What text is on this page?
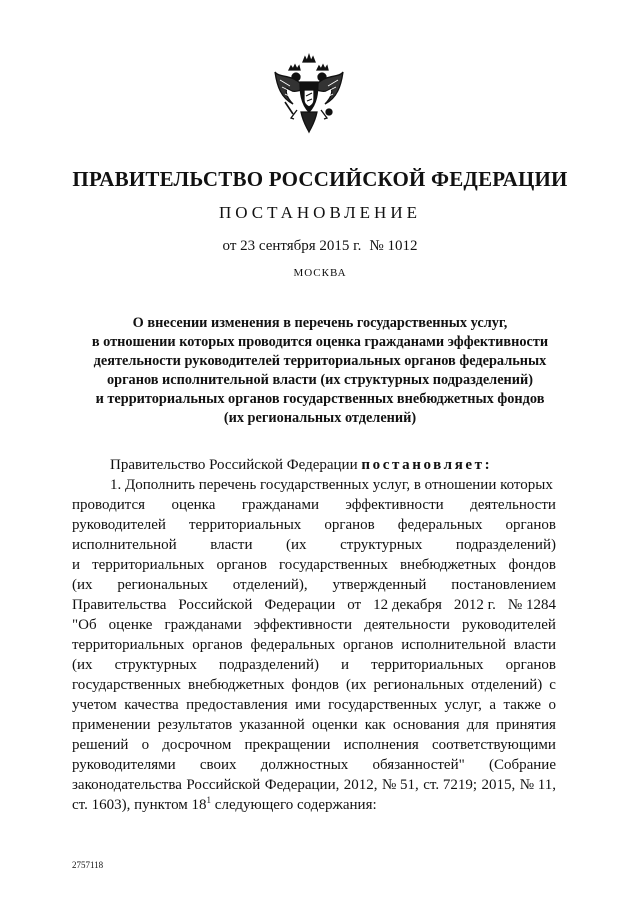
ПРАВИТЕЛЬСТВО РОССИЙСКОЙ ФЕДЕРАЦИИ
ПОСТАНОВЛЕНИЕ
от 23 сентября 2015 г. № 1012
МОСКВА
О внесении изменения в перечень государственных услуг,
в отношении которых проводится оценка гражданами эффективности
деятельности руководителей территориальных органов федеральных
органов исполнительной власти (их структурных подразделений)
и территориальных органов государственных внебюджетных фондов
(их региональных отделений)
Правительство Российской Федерации постановляет:
1. Дополнить перечень государственных услуг, в отношении которых
проводится оценка гражданами эффективности деятельности
руководителей территориальных органов федеральных органов
исполнительной власти (их структурных подразделений)
и территориальных органов государственных внебюджетных фондов
(их региональных отделений), утвержденный постановлением
Правительства Российской Федерации от 12 декабря 2012 г. № 1284
"Об оценке гражданами эффективности деятельности руководителей
территориальных органов федеральных органов исполнительной власти
(их структурных подразделений) и территориальных органов
государственных внебюджетных фондов (их региональных отделений) с
учетом качества предоставления ими государственных услуг, а также о
применении результатов указанной оценки как основания для принятия
решений о досрочном прекращении исполнения соответствующими
руководителями своих должностных обязанностей" (Собрание
законодательства Российской Федерации, 2012, № 51, ст. 7219; 2015, № 11,
ст. 1603), пунктом $18^1$ следующего содержания:
2757118
